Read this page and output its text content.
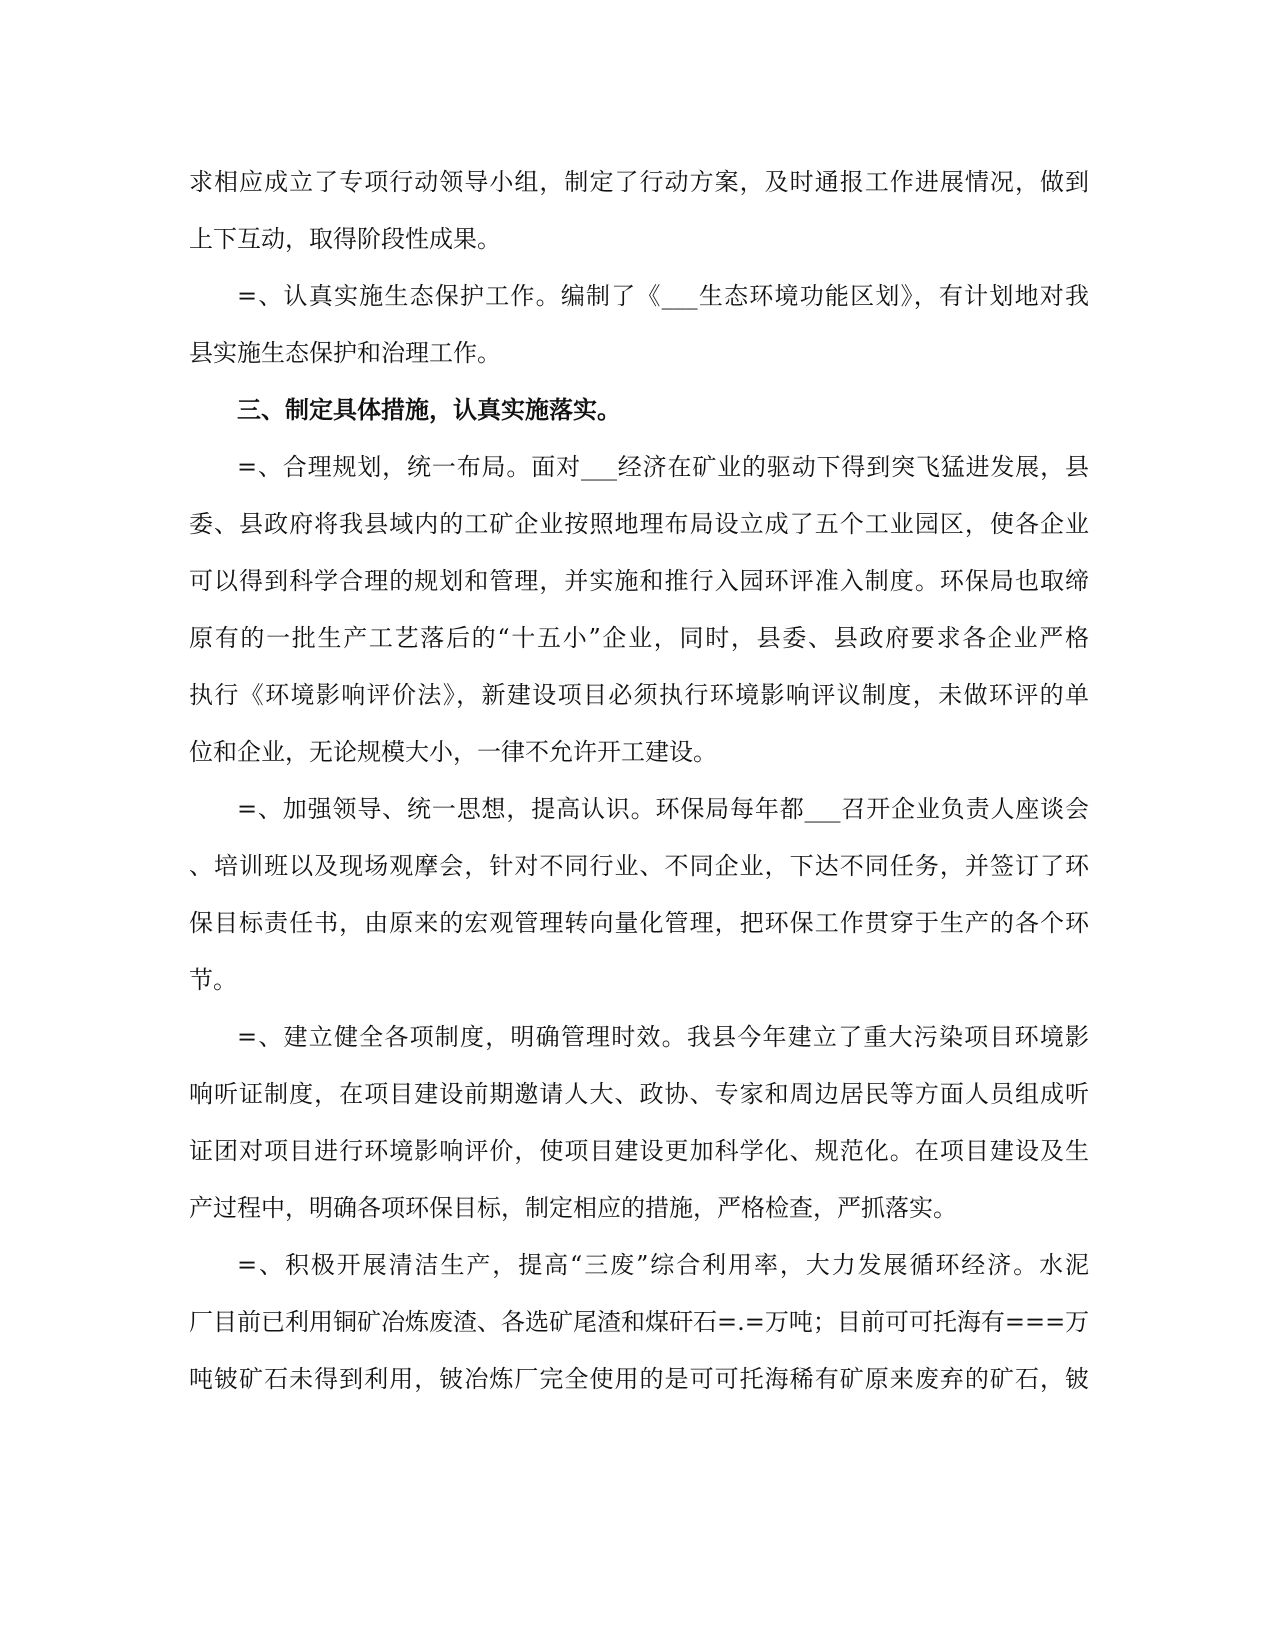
求相应成立了专项行动领导小组，制定了行动方案，及时通报工作进展情况，做到
上下互动，取得阶段性成果。
=、认真实施生态保护工作。编制了《___生态环境功能区划》，有计划地对我
县实施生态保护和治理工作。
三、制定具体措施，认真实施落实。
=、合理规划，统一布局。面对___经济在矿业的驱动下得到突飞猛进发展，县
委、县政府将我县域内的工矿企业按照地理布局设立成了五个工业园区，使各企业
可以得到科学合理的规划和管理，并实施和推行入园环评准入制度。环保局也取缔
原有的一批生产工艺落后的“十五小”企业，同时，县委、县政府要求各企业严格
执行《环境影响评价法》，新建设项目必须执行环境影响评议制度，未做环评的单
位和企业，无论规模大小，一律不允许开工建设。
=、加强领导、统一思想，提高认识。环保局每年都___召开企业负责人座谈会
、培训班以及现场观摩会，针对不同行业、不同企业，下达不同任务，并签订了环
保目标责任书，由原来的宏观管理转向量化管理，把环保工作贯穿于生产的各个环
节。
=、建立健全各项制度，明确管理时效。我县今年建立了重大污染项目环境影
响听证制度，在项目建设前期邀请人大、政协、专家和周边居民等方面人员组成听
证团对项目进行环境影响评价，使项目建设更加科学化、规范化。在项目建设及生
产过程中，明确各项环保目标，制定相应的措施，严格检查，严抓落实。
=、积极开展清洁生产，提高“三废”综合利用率，大力发展循环经济。水泥
厂目前已利用铜矿冶炼废渣、各选矿尾渣和煤矸石=.=万吨；目前可可托海有===万
吨铍矿石未得到利用，铍冶炼厂完全使用的是可可托海稀有矿原来废弃的矿石，铍
